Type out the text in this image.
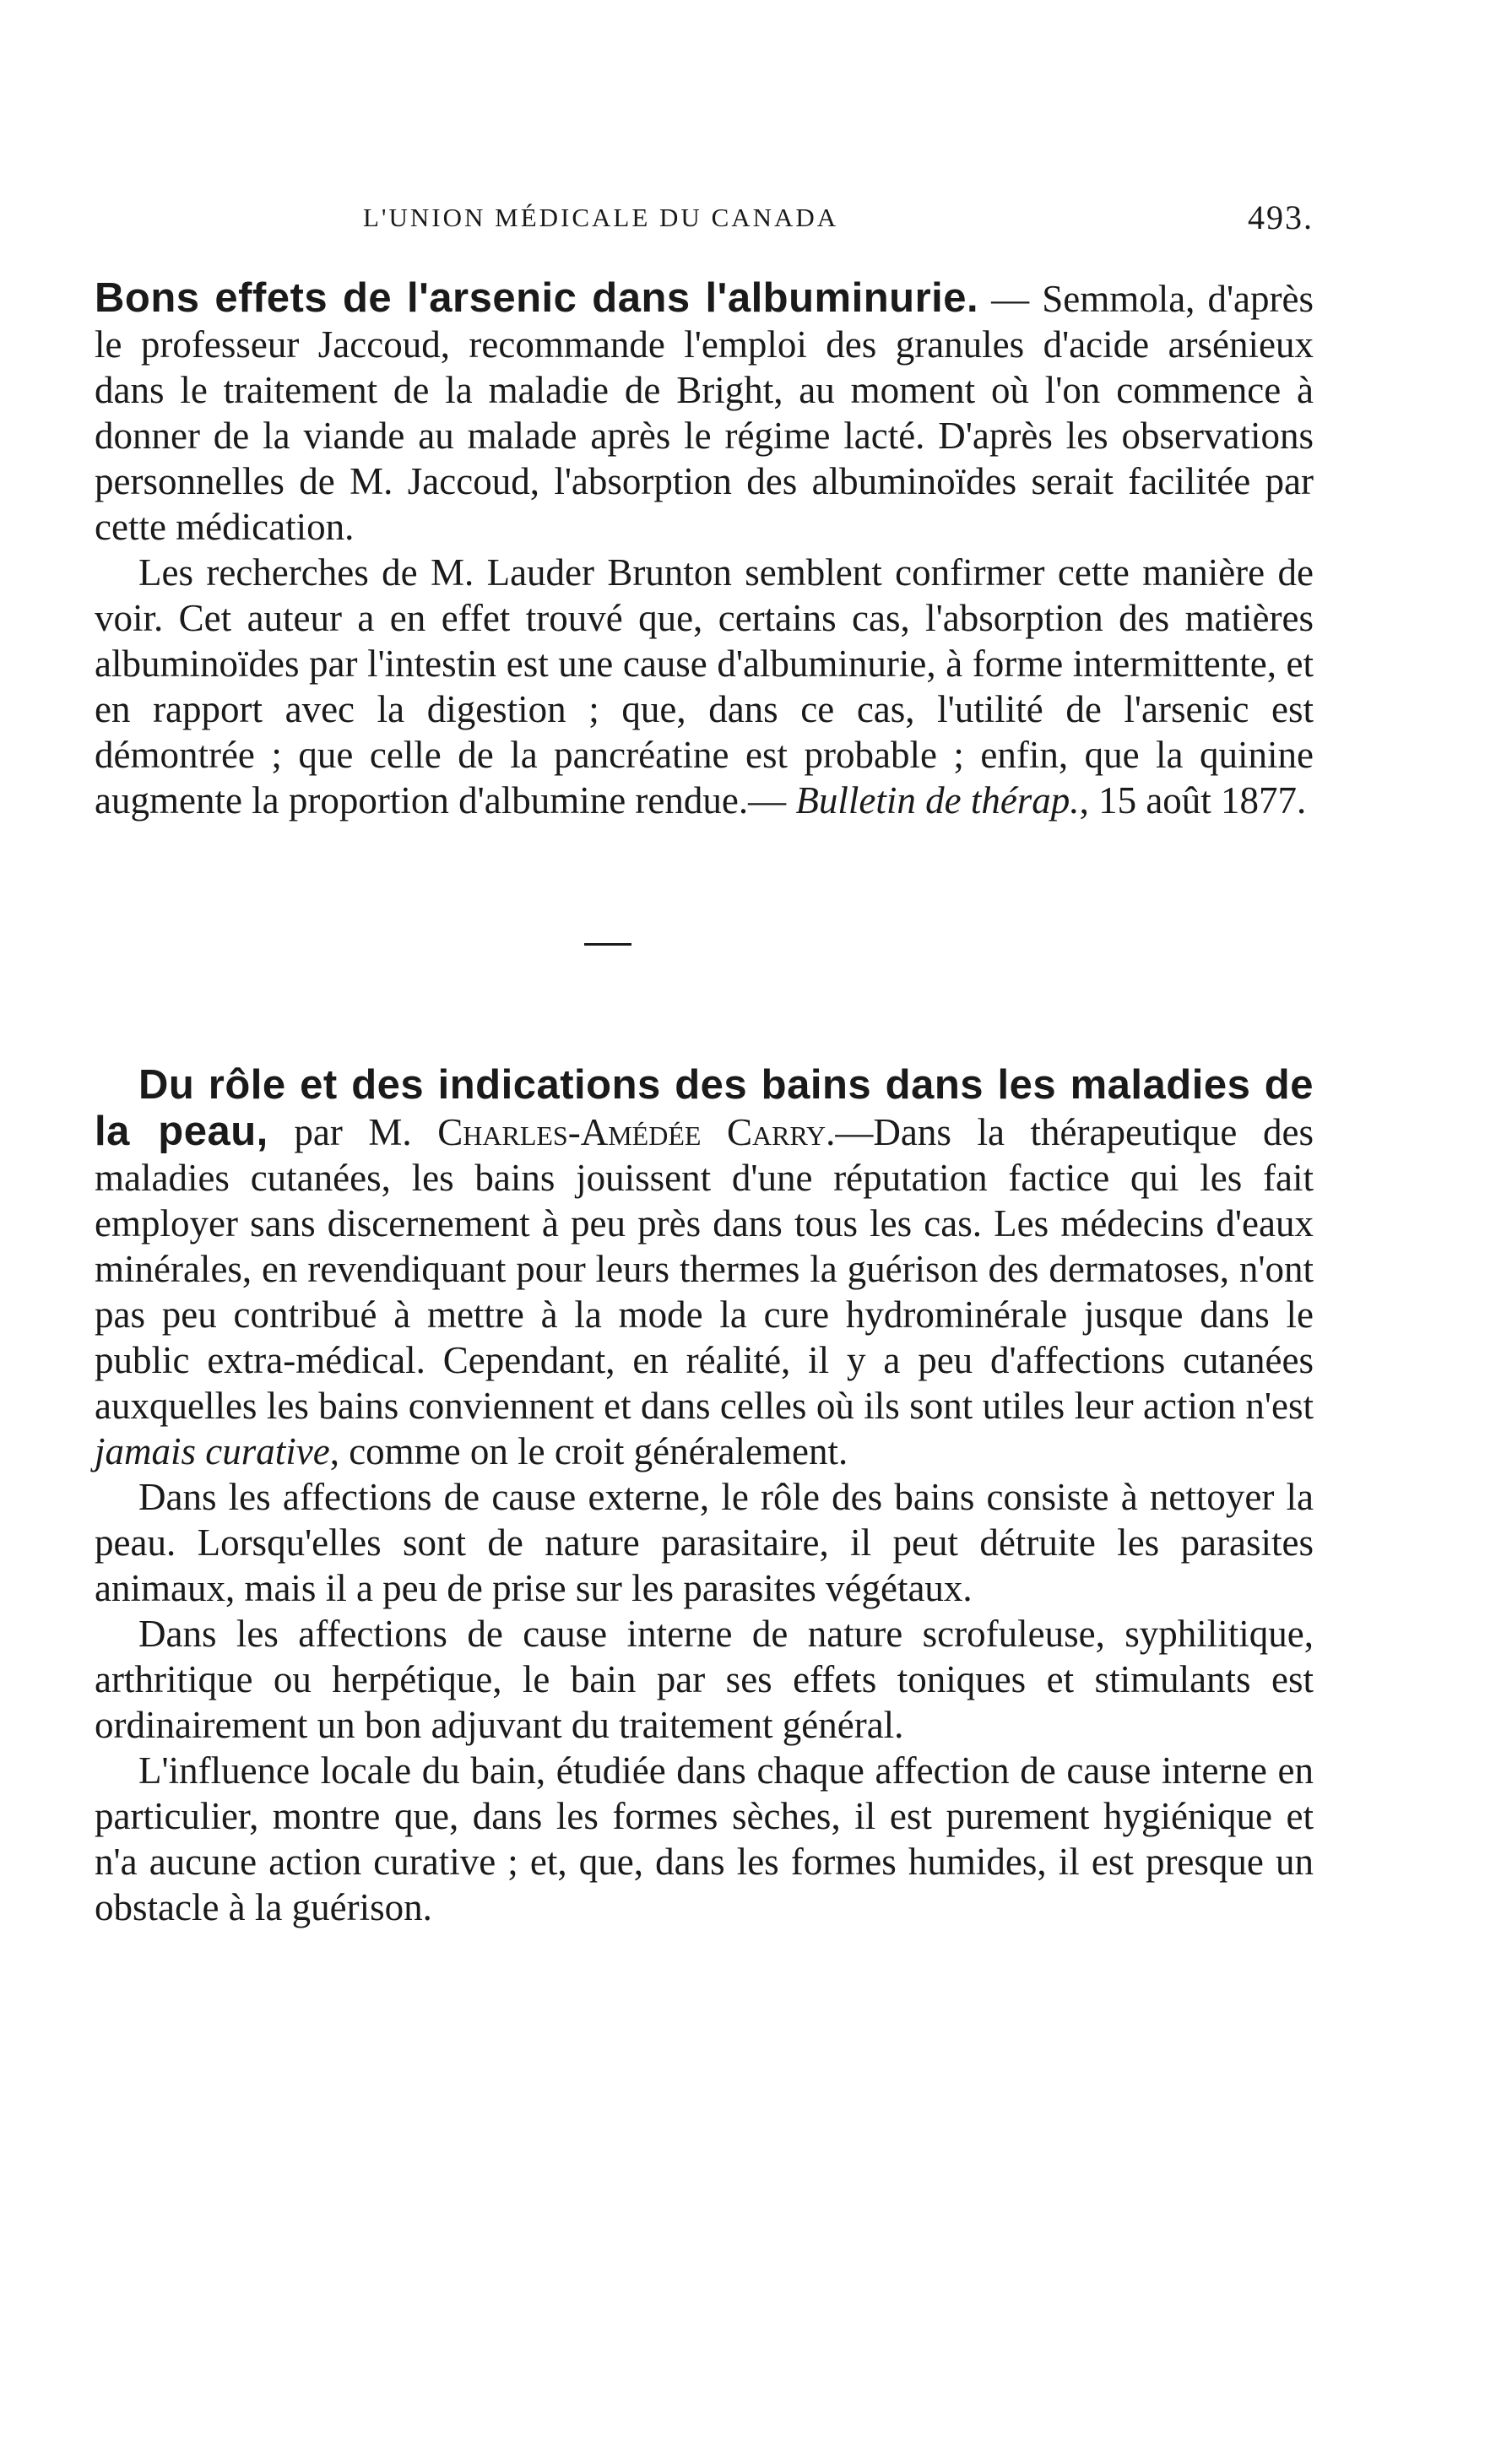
L'UNION MÉDICALE DU CANADA	493.

Bons effets de l'arsenic dans l'albuminurie. — Semmola, d'après le professeur Jaccoud, recommande l'emploi des granules d'acide arsénieux dans le traitement de la maladie de Bright, au moment où l'on commence à donner de la viande au malade après le régime lacté. D'après les observations personnelles de M. Jaccoud, l'absorption des albuminoïdes serait facilitée par cette médication.

Les recherches de M. Lauder Brunton semblent confirmer cette manière de voir. Cet auteur a en effet trouvé que, certains cas, l'absorption des matières albuminoïdes par l'intestin est une cause d'albuminurie, à forme intermittente, et en rapport avec la digestion ; que, dans ce cas, l'utilité de l'arsenic est démontrée ; que celle de la pancréatine est probable ; enfin, que la quinine augmente la proportion d'albumine rendue.— Bulletin de thérap., 15 août 1877.

Du rôle et des indications des bains dans les maladies de la peau, par M. Charles-Amédée Carry.—Dans la thérapeutique des maladies cutanées, les bains jouissent d'une réputation factice qui les fait employer sans discernement à peu près dans tous les cas. Les médecins d'eaux minérales, en revendiquant pour leurs thermes la guérison des dermatoses, n'ont pas peu contribué à mettre à la mode la cure hydrominérale jusque dans le public extra-médical. Cependant, en réalité, il y a peu d'affections cutanées auxquelles les bains conviennent et dans celles où ils sont utiles leur action n'est jamais curative, comme on le croit généralement.

Dans les affections de cause externe, le rôle des bains consiste à nettoyer la peau. Lorsqu'elles sont de nature parasitaire, il peut détruite les parasites animaux, mais il a peu de prise sur les parasites végétaux.

Dans les affections de cause interne de nature scrofuleuse, syphilitique, arthritique ou herpétique, le bain par ses effets toniques et stimulants est ordinairement un bon adjuvant du traitement général.

L'influence locale du bain, étudiée dans chaque affection de cause interne en particulier, montre que, dans les formes sèches, il est purement hygiénique et n'a aucune action curative ; et, que, dans les formes humides, il est presque un obstacle à la guérison.
